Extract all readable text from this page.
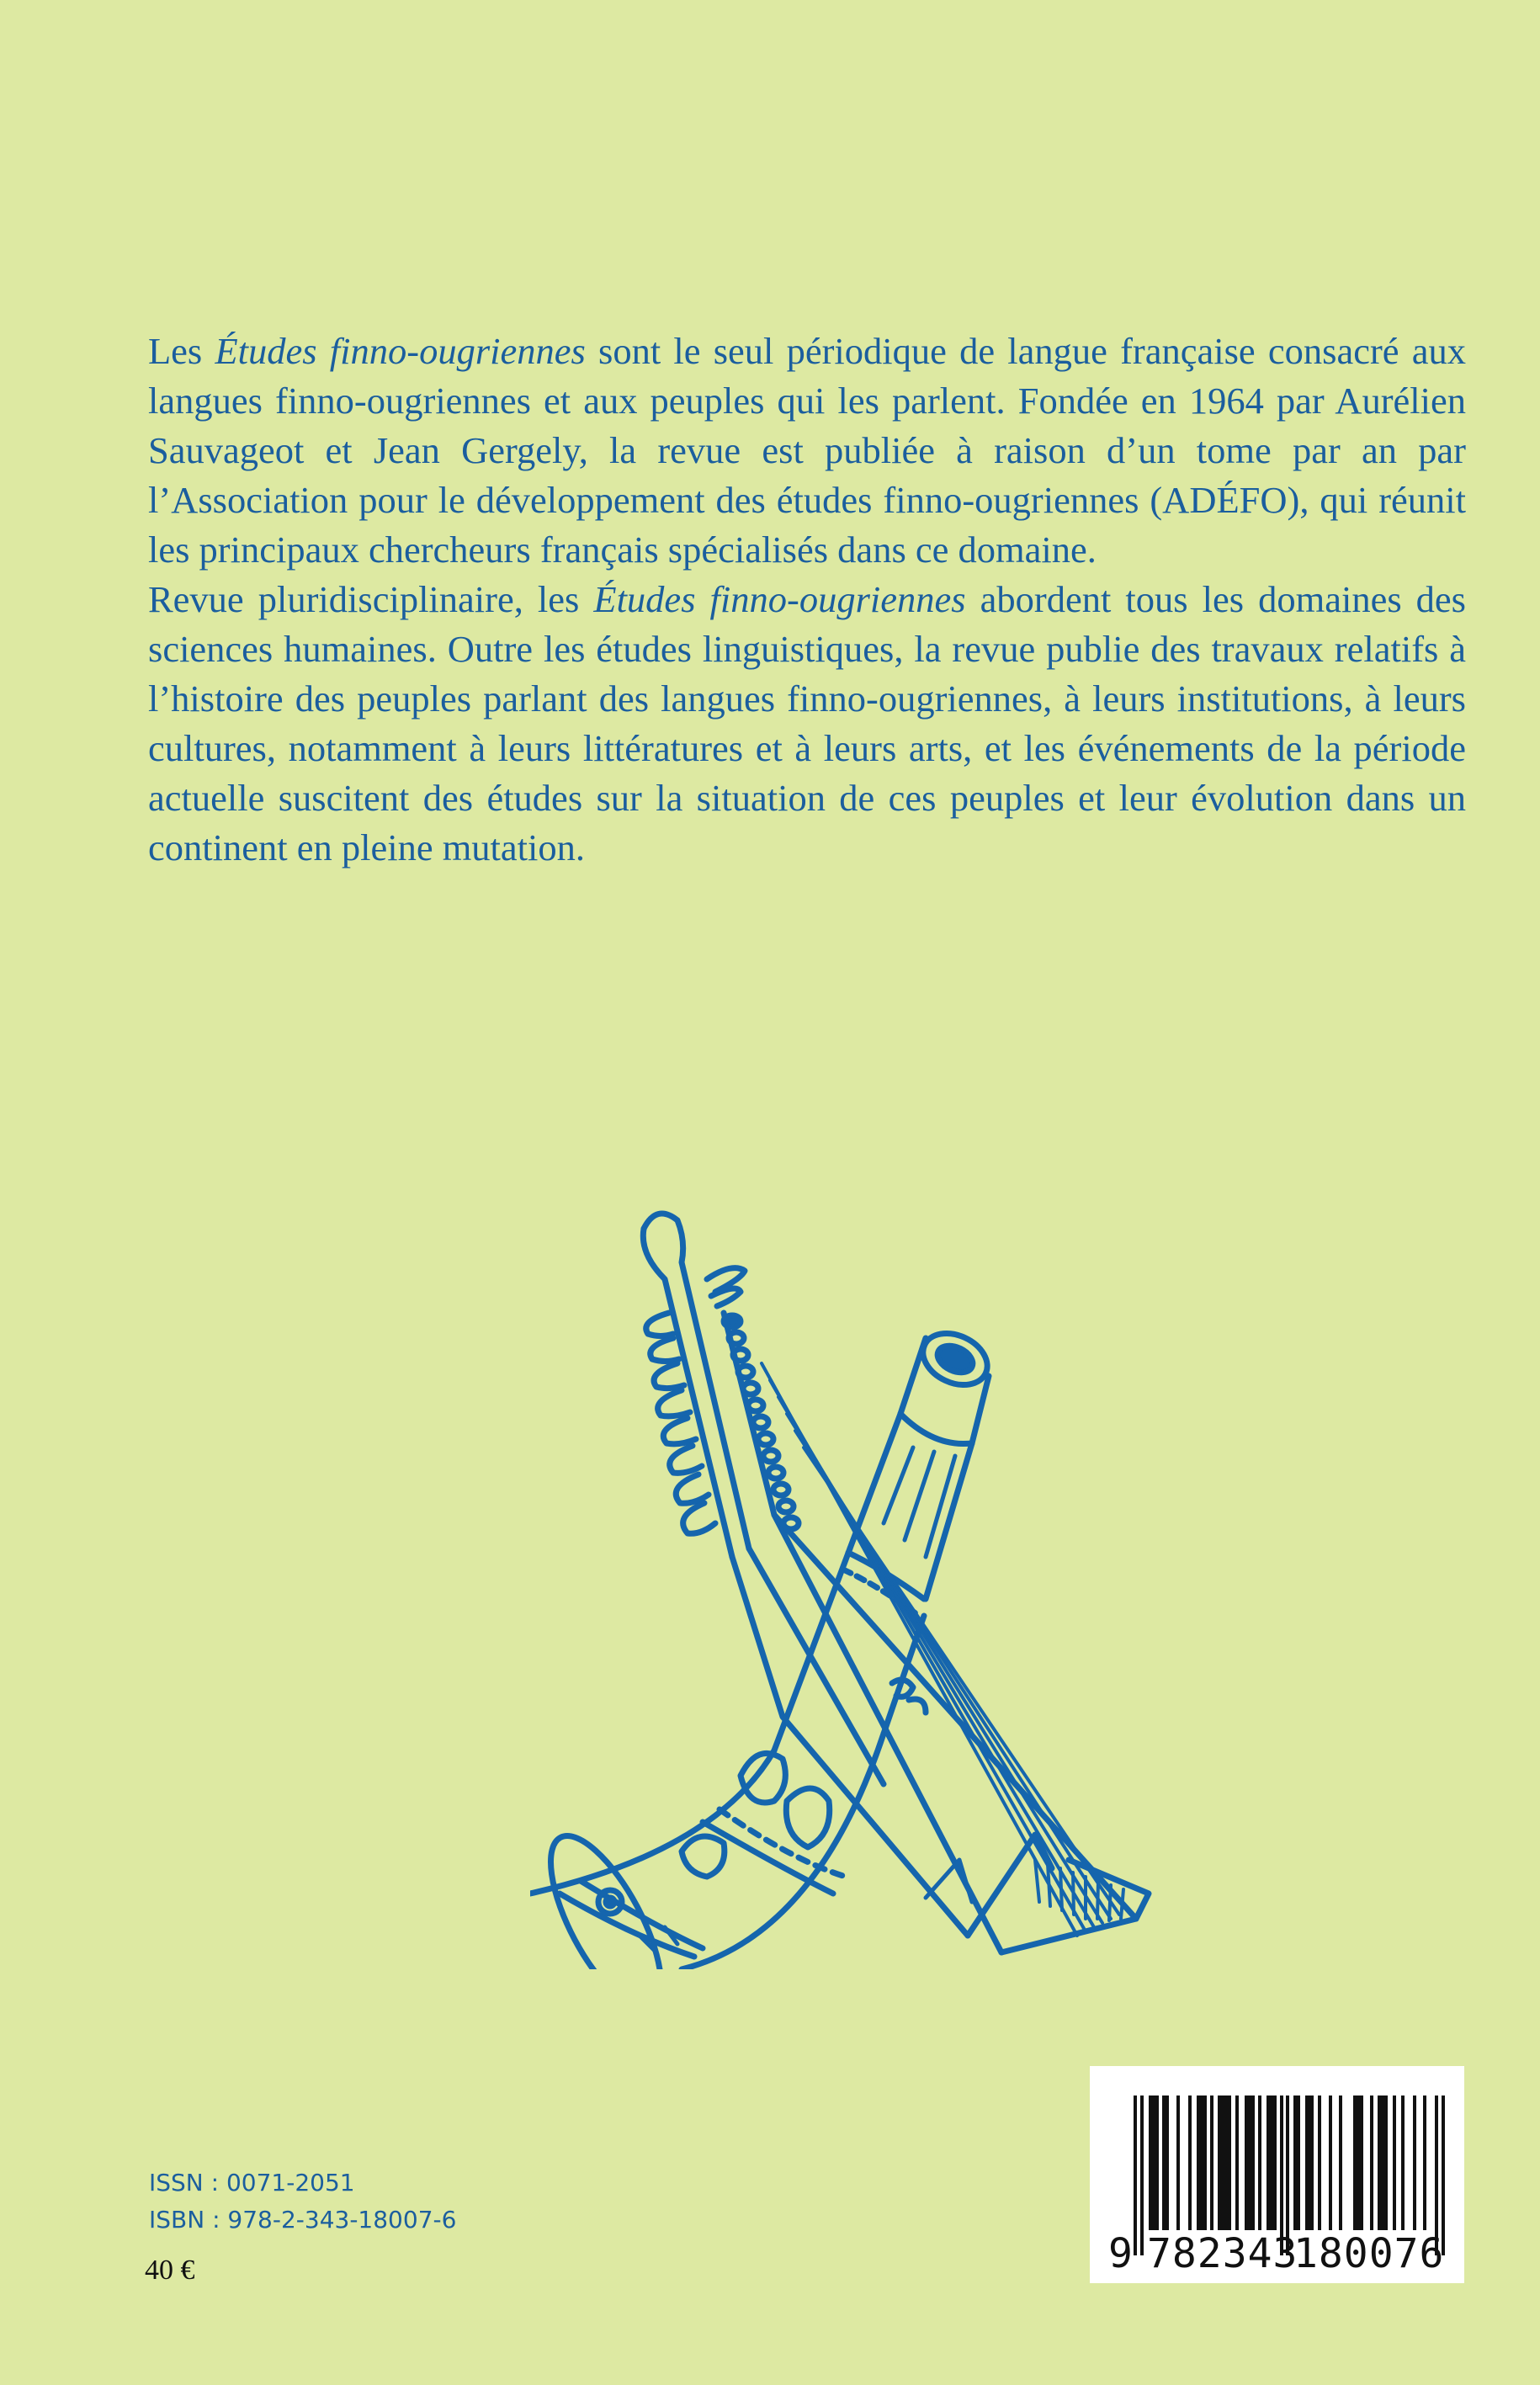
Les Études finno-ougriennes sont le seul périodique de langue française consacré aux langues finno-ougriennes et aux peuples qui les parlent. Fondée en 1964 par Aurélien Sauvageot et Jean Gergely, la revue est publiée à raison d’un tome par an par l’Association pour le développement des études finno-ougriennes (ADÉFO), qui réunit les principaux chercheurs français spécialisés dans ce domaine.

Revue pluridisciplinaire, les Études finno-ougriennes abordent tous les domaines des sciences humaines. Outre les études linguistiques, la revue publie des travaux relatifs à l’histoire des peuples parlant des langues finno-ougriennes, à leurs institutions, à leurs cultures, notamment à leurs littératures et à leurs arts, et les événements de la période actuelle suscitent des études sur la situation de ces peuples et leur évolution dans un continent en pleine mutation.

ISSN : 0071-2051
ISBN : 978-2-343-18007-6
40 €	9 782343
180076
